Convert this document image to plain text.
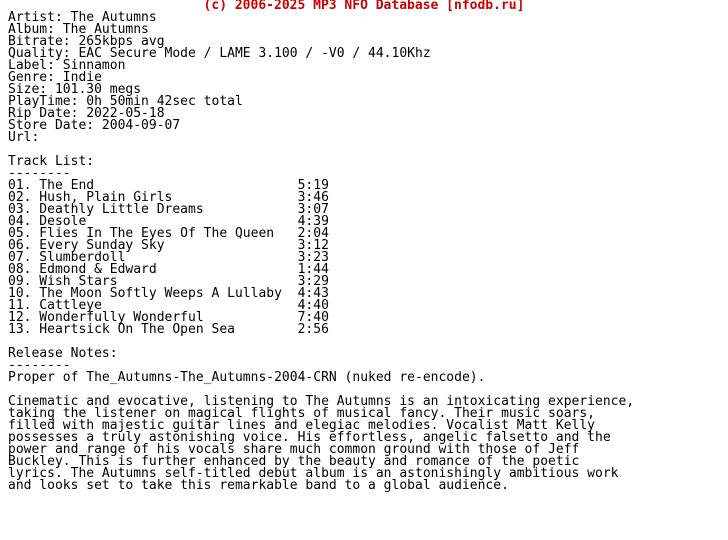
(c) 2006-2025 MP3 NFO Database [nfodb.ru]
Artist: The Autumns
Album: The Autumns
Bitrate: 265kbps avg
Quality: EAC Secure Mode / LAME 3.100 / -V0 / 44.10Khz
Label: Sinnamon
Genre: Indie
Size: 101.30 megs
PlayTime: 0h 50min 42sec total
Rip Date: 2022-05-18
Store Date: 2004-09-07
Url:
Track List:
--------
01. The End	5:19
02. Hush, Plain Girls	3:46
03. Deathly Little Dreams	3:07
04. Desole	4:39
05. Flies In The Eyes Of The Queen 2:04
06. Every Sunday Sky	3:12
07. Slumberdoll	3:23
08. Edmond & Edward	1:44
09. Wish Stars	3:29
10. The Moon Softly Weeps A Lullaby 4:43
11. Cattleye	4:40
12. Wonderfully Wonderful	7:40
13. Heartsick On The Open Sea	2:56
Release Notes:
--------
Proper of The_Autumns-The_Autumns-2004-CRN (nuked re-encode).
Cinematic and evocative, listening to The Autumns is an intoxicating experience,
taking the listener on magical flights of musical fancy. Their music soars,
filled with majestic guitar lines and elegiac melodies. Vocalist Matt Kelly
possesses a truly astonishing voice. His effortless, angelic falsetto and the
power and range of his vocals share much common ground with those of Jeff
Buckley. This is further enhanced by the beauty and romance of the poetic
lyrics. The Autumns self-titled debut album is an astonishingly ambitious work
and looks set to take this remarkable band to a global audience.
